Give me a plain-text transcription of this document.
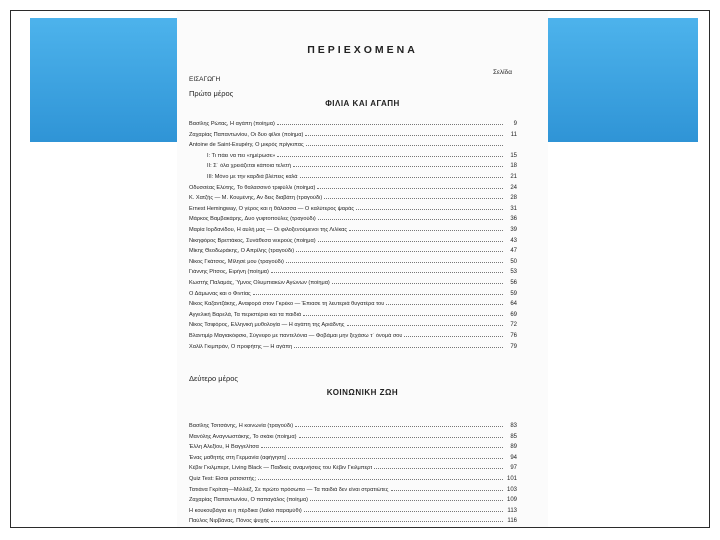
ΠΕΡΙΕΧΟΜΕΝΑ
Σελίδα
ΕΙΣΑΓΩΓΗ
Πρώτο μέρος
ΦΙΛΙΑ ΚΑΙ ΑΓΑΠΗ
Βασίλης Ρώτας, Η αγάπη (ποίημα)	9
Ζαχαρίας Παπαντωνίου, Οι δυο φίλοι (ποίημα)	11
Antoine de Saint-Exupéry, Ο μικρός πρίγκιπας
I: Τι πάει να πει «ημέρωσε»	15
II: Σ΄ όλα χρειάζεται κάποια τελετή	18
III: Μόνο με την καρδιά βλέπεις καλά	21
Οδυσσέας Ελύτης, Το θαλασσινό τριφύλλι (ποίημα)	24
Κ. Χατζής — Μ. Κουμένης, Αν δεις διαβάτη (τραγούδι)	28
Ernest Hemingway, Ο γέρος και η θάλασσα — Ο καλύτερος ψαράς	31
Μάρκος Βαμβακάρης, Δυο γυφτοπούλες (τραγούδι)	36
Μαρία Ιορδανίδου, Η αυλή μας — Οι φιλοξενούμενοι της Λιλίκας	39
Νικηφόρος Βρεττάκος, Συνάθεσα νεκρούς (ποίημα)	43
Μίκης Θεοδωράκης, Ο Απρίλης (τραγούδι)	47
Νίκος Γκάτσος, Μίλησέ μου (τραγούδι)	50
Γιάννης Ρίτσος, Ειρήνη (ποίημα)	53
Κωστής Παλαμάς, Ύμνος Ολυμπιακών Αγώνων (ποίημα)	56
Ο Δάμωνας και ο Φιντίας	59
Νίκος Καζαντζάκης, Αναφορά στον Γκρέκο — Έπιασε τη λευτεριά θυγατέρα του	64
Αγγελική Βαρελά, Τα περιστέρια και τα παιδιά	69
Νίκος Τσιφόρος, Ελληνική μυθολογία — Η αγάπη της Αριάδνης	72
Βλαντιμίρ Μαγιακόφσκι, Σύγνεφο με παντελόνια — Φοβάμαι μην ξεχάσω τ΄ όνομά σου	76
Χαλίλ Γκιμπράν, Ο προφήτης — Η αγάπη	79
Δεύτερο μέρος
ΚΟΙΝΩΝΙΚΗ ΖΩΗ
Βασίλης Τσιτσάνης, Η κοινωνία (τραγούδι)	83
Μανόλης Αναγνωστάκης, Το σκάκι (ποίημα)	85
Έλλη Αλεξίου, Η Βαγγελίτσα	89
Ένας μαθητής στη Γερμανία (αφήγηση)	94
Κέβιν Γκιλμπερτ, Living Black — Παιδικές αναμνήσεις του Κέβιν Γκιλμπερτ	97
Quiz Test: Είσαι ρατσιστής;	101
Τατιάνα Γκρίτση—Μιλλιέξ, Σε πρώτο πρόσωπο — Τα παιδιά δεν είναι στρατιώτες	103
Ζαχαρίας Παπαντωνίου, Ο παπαγάλος (ποίημα)	109
Η κουκουβάγια κι η πέρδικα (λαϊκό παραμύθι)	113
Παύλος Νιρβάνας, Πόνος ψυχής	116
